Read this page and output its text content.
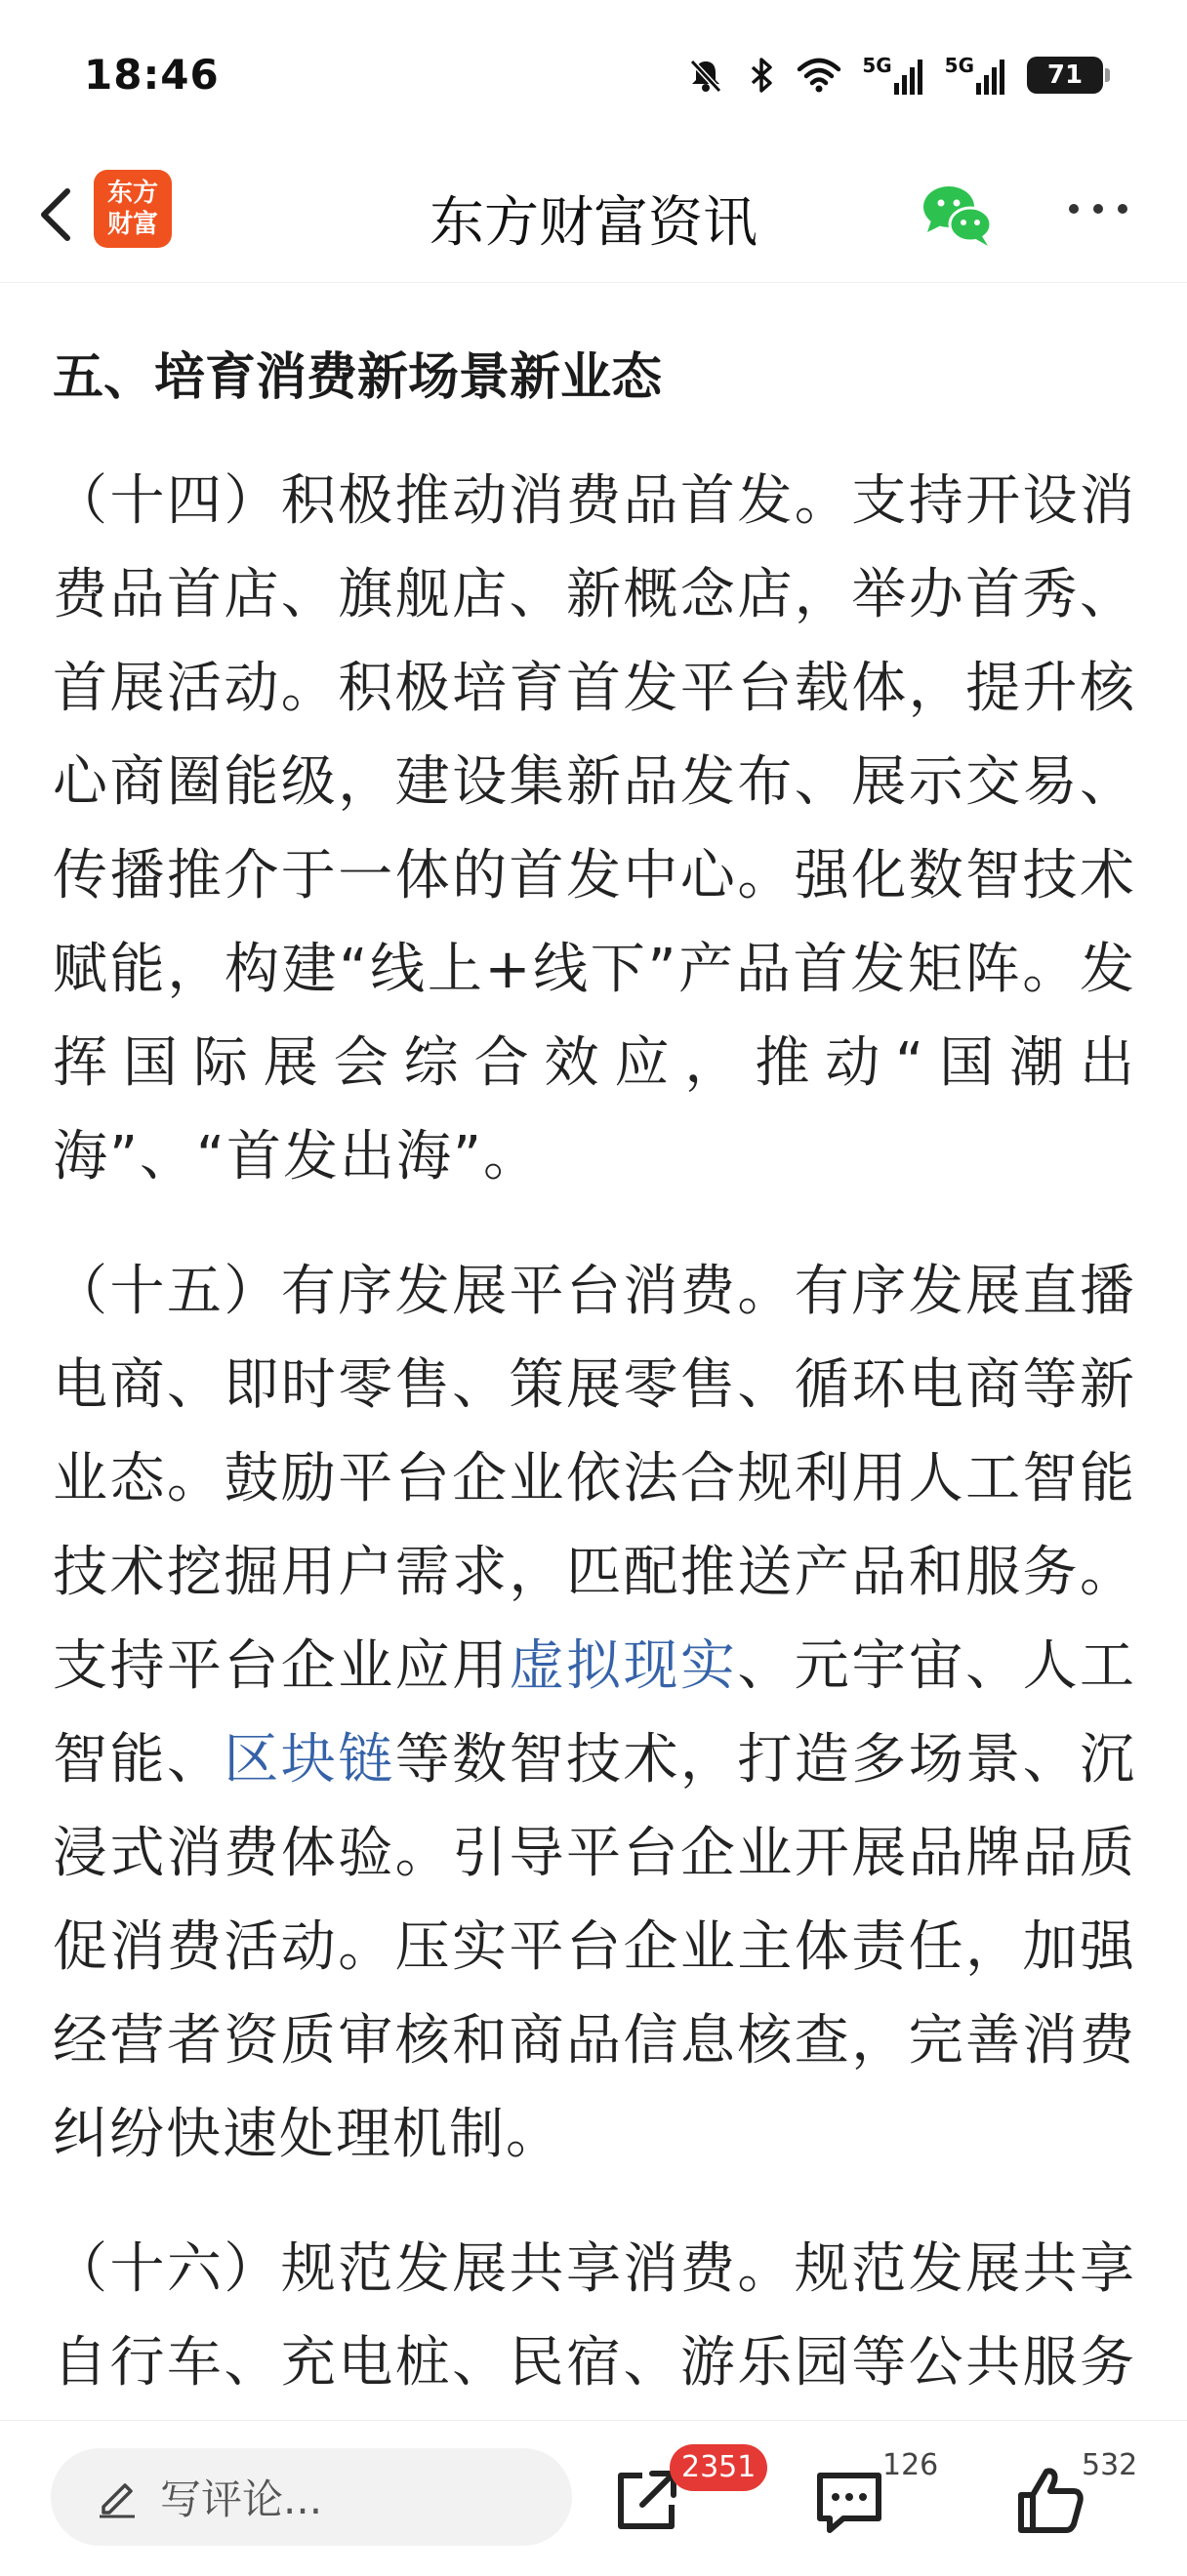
18:46	5G	5G	71
东方
财富	东方财富资讯
五、培育消费新场景新业态

（十四）积极推动消费品首发。支持开设消费品首店、旗舰店、新概念店，举办首秀、首展活动。积极培育首发平台载体，提升核心商圈能级，建设集新品发布、展示交易、传播推介于一体的首发中心。强化数智技术赋能，构建“线上+线下”产品首发矩阵。发挥国际展会综合效应，推动“国潮出海”、“首发出海”。

（十五）有序发展平台消费。有序发展直播电商、即时零售、策展零售、循环电商等新业态。鼓励平台企业依法合规利用人工智能技术挖掘用户需求，匹配推送产品和服务。支持平台企业应用虚拟现实、元宇宙、人工智能、区块链等数智技术，打造多场景、沉浸式消费体验。引导平台企业开展品牌品质促消费活动。压实平台企业主体责任，加强经营者资质审核和商品信息核查，完善消费纠纷快速处理机制。

（十六）规范发展共享消费。规范发展共享自行车、充电桩、民宿、游乐园等公共服务

写评论...
2351	126	532
